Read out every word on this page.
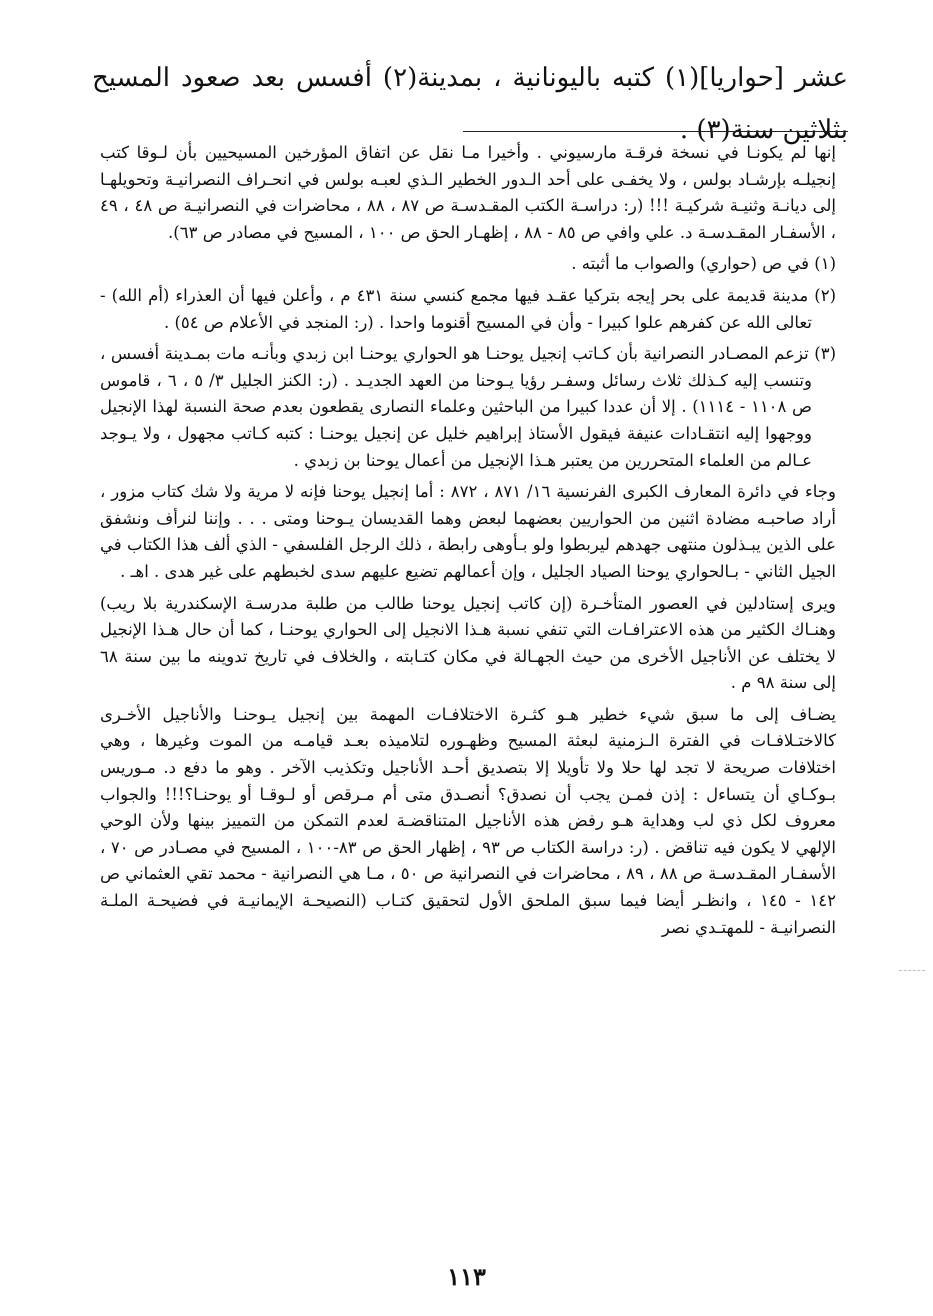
عشر [حواريا](١) كتبه باليونانية ، بمدينة(٢) أفسس بعد صعود المسيح بثلاثين سنة(٣) .

إنها لم يكونـا في نسخة فرقـة مارسيوني . وأخيرا مـا نقل عن اتفاق المؤرخين المسيحيين بأن لـوقا كتب إنجيلـه بإرشـاد بولس ، ولا يخفـى على أحد الـدور الخطير الـذي لعبـه بولس في انحـراف النصرانيـة وتحويلهـا إلى ديانـة وثنيـة شركيـة !!! (ر: دراسـة الكتب المقـدسـة ص ٨٧ ، ٨٨ ، محاضرات في النصرانيـة ص ٤٨ ، ٤٩ ، الأسفـار المقـدسـة د. علي وافي ص ٨٥ - ٨٨ ، إظهـار الحق ص ١٠٠ ، المسيح في مصادر ص ٦٣).

(١) في ص (حواري) والصواب ما أثبته .

(٢) مدينة قديمة على بحر إيجه بتركيا عقـد فيها مجمع كنسي سنة ٤٣١ م ، وأعلن فيها أن العذراء (أم الله) - تعالى الله عن كفرهم علوا كبيرا - وأن في المسيح أقنوما واحدا . (ر: المنجد في الأعلام ص ٥٤) .

(٣) تزعم المصـادر النصرانية بأن كـاتب إنجيل يوحنـا هو الحواري يوحنـا ابن زبدي وبأنـه مات بمـدينة أفسس ، وتنسب إليه كـذلك ثلاث رسائل وسفـر رؤيا يـوحنا من العهد الجديـد . (ر: الكنز الجليل ٣/ ٥ ، ٦ ، قاموس ص ١١٠٨ - ١١١٤) . إلا أن عددا كبيرا من الباحثين وعلماء النصارى يقطعون بعدم صحة النسبة لهذا الإنجيل ووجهوا إليه انتقـادات عنيفة فيقول الأستاذ إبراهيم خليل عن إنجيل يوحنـا : كتبه كـاتب مجهول ، ولا يـوجد عـالم من العلماء المتحررين من يعتبر هـذا الإنجيل من أعمال يوحنا بن زبدي .

وجاء في دائرة المعارف الكبرى الفرنسية ١٦/ ٨٧١ ، ٨٧٢ : أما إنجيل يوحنا فإنه لا مرية ولا شك كتاب مزور ، أراد صاحبـه مضادة اثنين من الحواريين بعضهما لبعض وهما القديسان يـوحنا ومتى . . . وإننا لنرأف ونشفق على الذين يبـذلون منتهى جهدهم ليربطوا ولو بـأوهى رابطة ، ذلك الرجل الفلسفي - الذي ألف هذا الكتاب في الجيل الثاني - بـالحواري يوحنا الصياد الجليل ، وإن أعمالهم تضيع عليهم سدى لخبطهم على غير هدى . اهـ .

ويرى إستادلين في العصور المتأخـرة (إن كاتب إنجيل يوحنا طالب من طلبة مدرسـة الإسكندرية بلا ريب) وهنـاك الكثير من هذه الاعترافـات التي تنفي نسبة هـذا الانجيل إلى الحواري يوحنـا ، كما أن حال هـذا الإنجيل لا يختلف عن الأناجيل الأخرى من حيث الجهـالة في مكان كتـابته ، والخلاف في تاريخ تدوينه ما بين سنة ٦٨ إلى سنة ٩٨ م .

يضـاف إلى ما سبق شيء خطير هـو كثـرة الاختلافـات المهمة بين إنجيل يـوحنـا والأناجيل الأخـرى كالاختـلافـات في الفترة الـزمنية لبعثة المسيح وظهـوره لتلاميذه بعـد قيامـه من الموت وغيرها ، وهي اختلافات صريحة لا تجد لها حلا ولا تأويلا إلا بتصديق أحـد الأناجيل وتكذيب الآخر . وهو ما دفع د. مـوريس بـوكـاي أن يتساءل : إذن فمـن يجب أن نصدق؟ أنصـدق متى أم مـرقص أو لـوقـا أو يوحنـا؟!!! والجواب معروف لكل ذي لب وهداية هـو رفض هذه الأناجيل المتناقضـة لعدم التمكن من التمييز بينها ولأن الوحي الإلهي لا يكون فيه تناقض . (ر: دراسة الكتاب ص ٩٣ ، إظهار الحق ص ٨٣-١٠٠ ، المسيح في مصـادر ص ٧٠ ، الأسفـار المقـدسـة ص ٨٨ ، ٨٩ ، محاضرات في النصرانية ص ٥٠ ، مـا هي النصرانية - محمد تقي العثماني ص ١٤٢ - ١٤٥ ، وانظـر أيضا فيما سبق الملحق الأول لتحقيق كتـاب (النصيحـة الإيمانيـة في فضيحـة الملـة النصرانيـة - للمهتـدي نصر

١١٣
